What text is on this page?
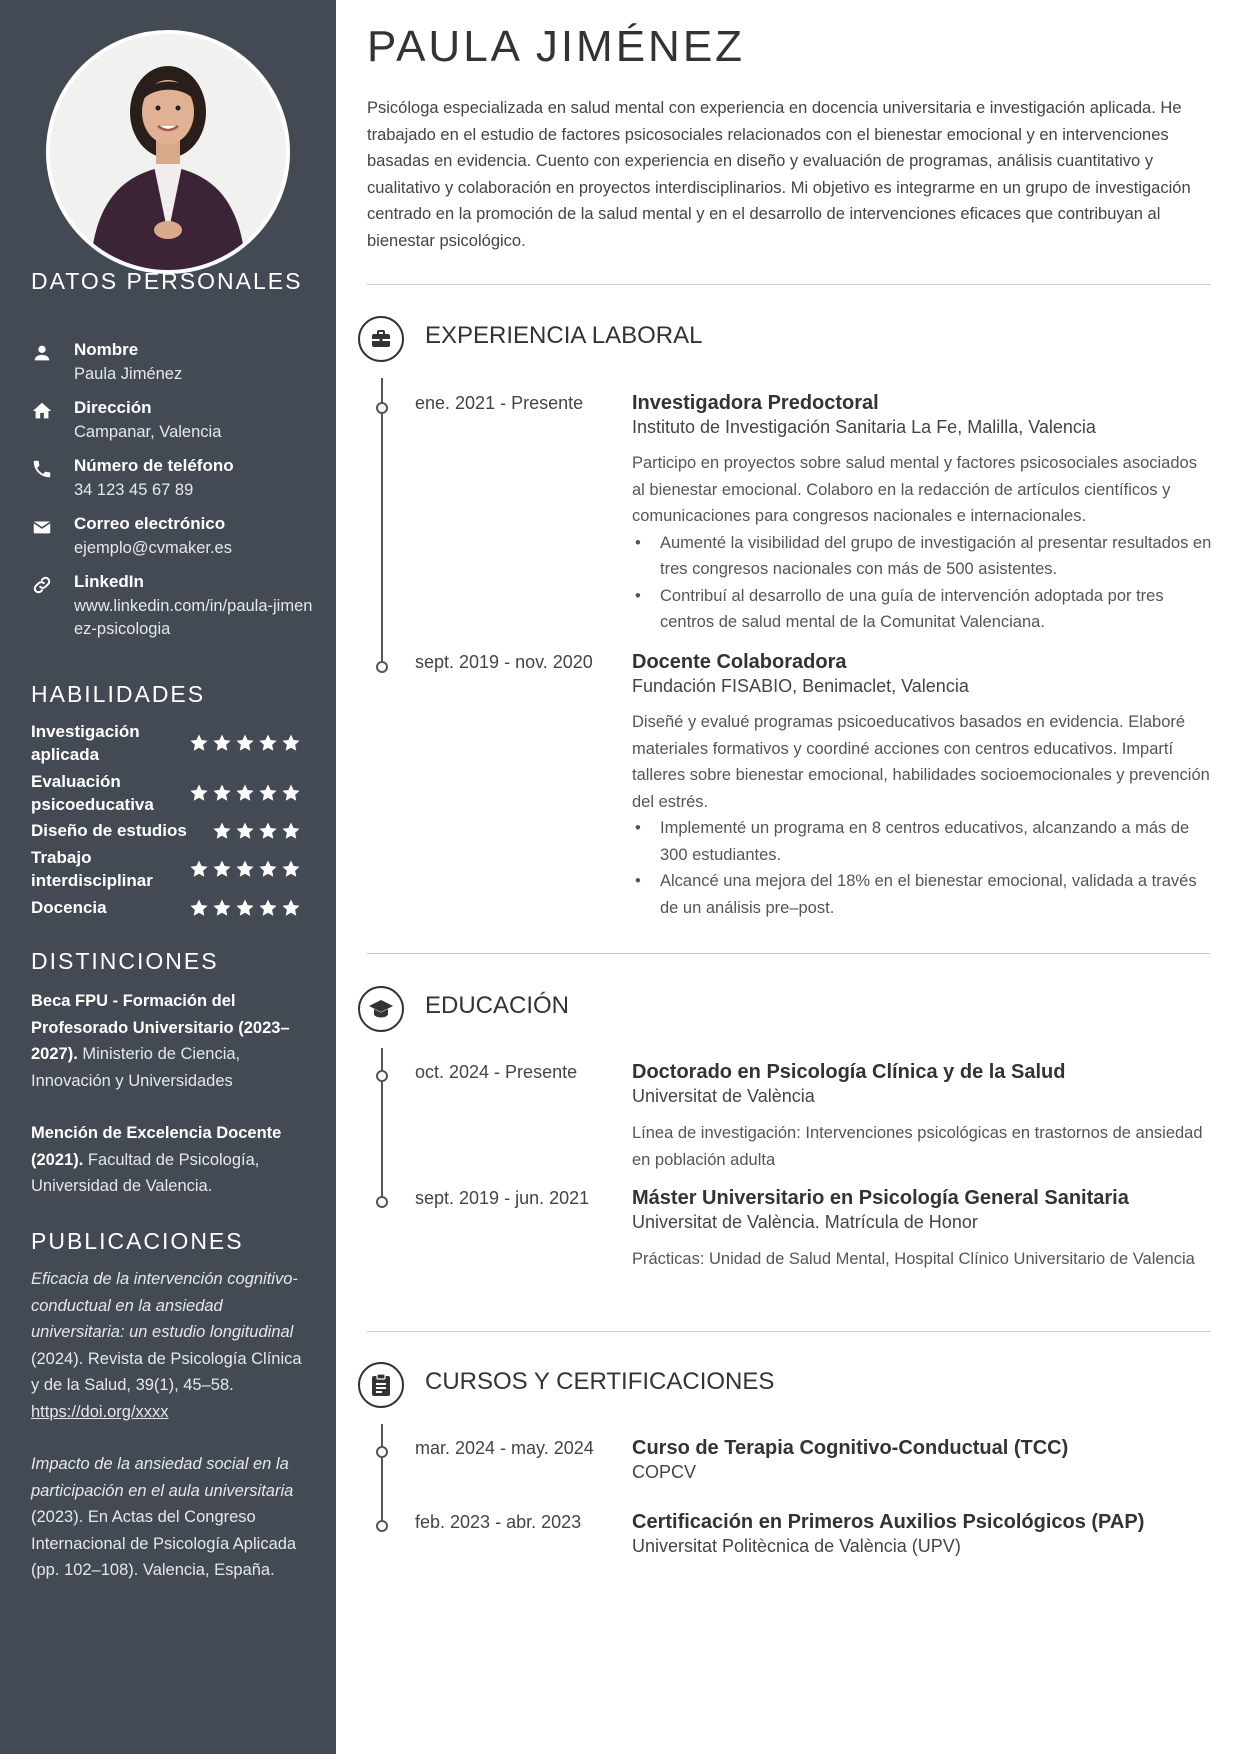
DATOS PERSONALES
Nombre
Paula Jiménez
Dirección
Campanar, Valencia
Número de teléfono
34 123 45 67 89
Correo electrónico
ejemplo@cvmaker.es
LinkedIn
www.linkedin.com/in/paula-jimenez-psicologia
HABILIDADES
Investigación aplicada
Evaluación psicoeducativa
Diseño de estudios
Trabajo interdisciplinar
Docencia
DISTINCIONES
Beca FPU - Formación del Profesorado Universitario (2023–2027). Ministerio de Ciencia, Innovación y Universidades
Mención de Excelencia Docente (2021). Facultad de Psicología, Universidad de Valencia.
PUBLICACIONES
Eficacia de la intervención cognitivo-conductual en la ansiedad universitaria: un estudio longitudinal (2024). Revista de Psicología Clínica y de la Salud, 39(1), 45–58. https://doi.org/xxxx
Impacto de la ansiedad social en la participación en el aula universitaria (2023). En Actas del Congreso Internacional de Psicología Aplicada (pp. 102–108). Valencia, España.
PAULA JIMÉNEZ

Psicóloga especializada en salud mental con experiencia en docencia universitaria e investigación aplicada. He trabajado en el estudio de factores psicosociales relacionados con el bienestar emocional y en intervenciones basadas en evidencia. Cuento con experiencia en diseño y evaluación de programas, análisis cuantitativo y cualitativo y colaboración en proyectos interdisciplinarios. Mi objetivo es integrarme en un grupo de investigación centrado en la promoción de la salud mental y en el desarrollo de intervenciones eficaces que contribuyan al bienestar psicológico.

EXPERIENCIA LABORAL
ene. 2021 - Presente Investigadora Predoctoral
Instituto de Investigación Sanitaria La Fe, Malilla, Valencia

Participo en proyectos sobre salud mental y factores psicosociales asociados al bienestar emocional. Colaboro en la redacción de artículos científicos y comunicaciones para congresos nacionales e internacionales.

• Aumenté la visibilidad del grupo de investigación al presentar resultados en tres congresos nacionales con más de 500 asistentes.
• Contribuí al desarrollo de una guía de intervención adoptada por tres centros de salud mental de la Comunitat Valenciana.
sept. 2019 - nov. 2020 Docente Colaboradora
Fundación FISABIO, Benimaclet, Valencia

Diseñé y evalué programas psicoeducativos basados en evidencia. Elaboré materiales formativos y coordiné acciones con centros educativos. Impartí talleres sobre bienestar emocional, habilidades socioemocionales y prevención del estrés.

• Implementé un programa en 8 centros educativos, alcanzando a más de 300 estudiantes.
• Alcancé una mejora del 18% en el bienestar emocional, validada a través de un análisis pre–post.
EDUCACIÓN
oct. 2024 - Presente	Doctorado en Psicología Clínica y de la Salud
Universitat de València
Línea de investigación: Intervenciones psicológicas en trastornos de ansiedad en población adulta
sept. 2019 - jun. 2021 Máster Universitario en Psicología General Sanitaria
Universitat de València. Matrícula de Honor
Prácticas: Unidad de Salud Mental, Hospital Clínico Universitario de Valencia
CURSOS Y CERTIFICACIONES
mar. 2024 - may. 2024 Curso de Terapia Cognitivo-Conductual (TCC)
COPCV
feb. 2023 - abr. 2023	Certificación en Primeros Auxilios Psicológicos (PAP)
Universitat Politècnica de València (UPV)
